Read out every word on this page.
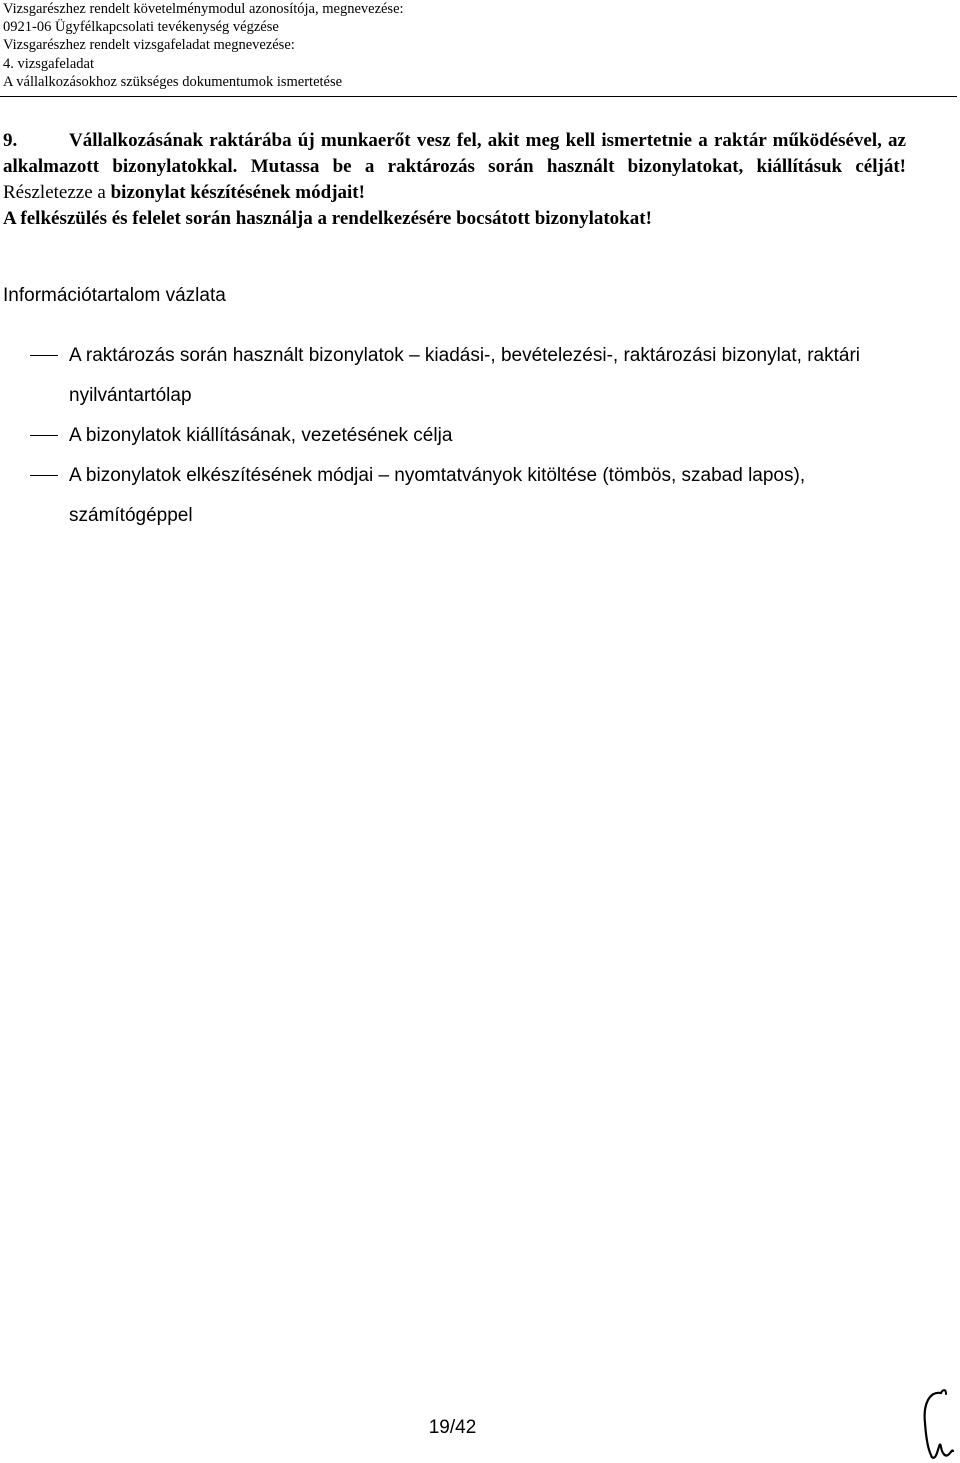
Vizsgarészhez rendelt követelménymodul azonosítója, megnevezése:
0921-06 Ügyfélkapcsolati tevékenység végzése
Vizsgarészhez rendelt vizsgafeladat megnevezése:
4. vizsgafeladat
A vállalkozásokhoz szükséges dokumentumok ismertetése

9.	Vállalkozásának raktárába új munkaerőt vesz fel, akit meg kell ismertetnie a raktár működésével, az alkalmazott bizonylatokkal. Mutassa be a raktározás során használt bizonylatokat, kiállításuk célját! Részletezze a bizonylat készítésének módjait!

A felkészülés és felelet során használja a rendelkezésére bocsátott bizonylatokat!

Információtartalom vázlata
A raktározás során használt bizonylatok – kiadási-, bevételezési-, raktározási bizonylat, raktári nyilvántartólap
A bizonylatok kiállításának, vezetésének célja
A bizonylatok elkészítésének módjai – nyomtatványok kitöltése (tömbös, szabad lapos), számítógéppel
19/42
